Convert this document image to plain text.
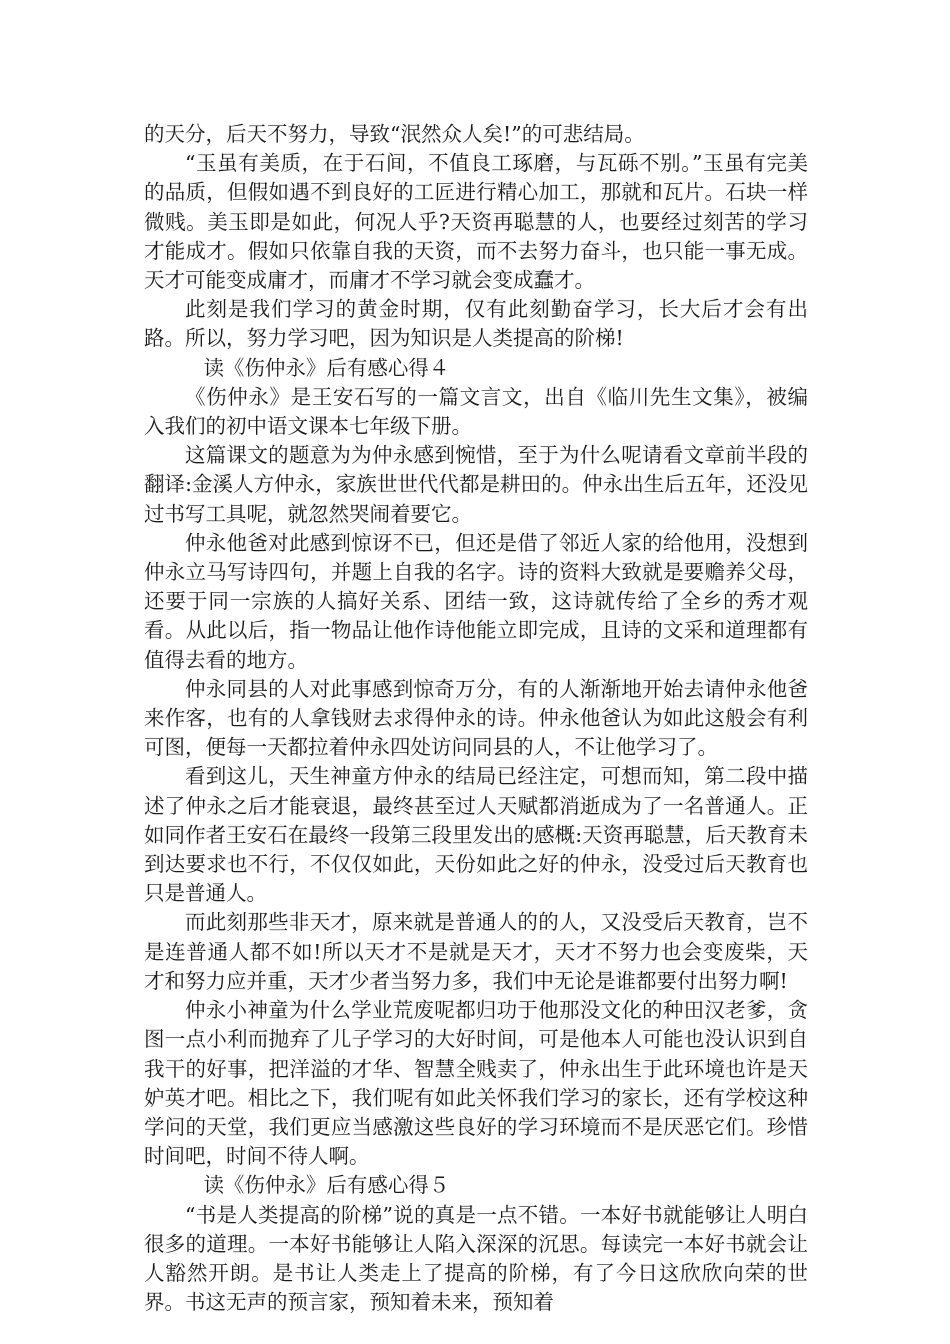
的天分，后天不努力，导致“泯然众人矣!”的可悲结局。

“玉虽有美质，在于石间，不值良工琢磨，与瓦砾不别。”玉虽有完美的品质，但假如遇不到良好的工匠进行精心加工，那就和瓦片。石块一样微贱。美玉即是如此，何况人乎?天资再聪慧的人，也要经过刻苦的学习才能成才。假如只依靠自我的天资，而不去努力奋斗，也只能一事无成。天才可能变成庸才，而庸才不学习就会变成蠢才。

此刻是我们学习的黄金时期，仅有此刻勤奋学习，长大后才会有出路。所以，努力学习吧，因为知识是人类提高的阶梯!

读《伤仲永》后有感心得４

《伤仲永》是王安石写的一篇文言文，出自《临川先生文集》，被编入我们的初中语文课本七年级下册。

这篇课文的题意为为仲永感到惋惜，至于为什么呢请看文章前半段的翻译:金溪人方仲永，家族世世代代都是耕田的。仲永出生后五年，还没见过书写工具呢，就忽然哭闹着要它。

仲永他爸对此感到惊讶不已，但还是借了邻近人家的给他用，没想到仲永立马写诗四句，并题上自我的名字。诗的资料大致就是要赡养父母，还要于同一宗族的人搞好关系、团结一致，这诗就传给了全乡的秀才观看。从此以后，指一物品让他作诗他能立即完成，且诗的文采和道理都有值得去看的地方。

仲永同县的人对此事感到惊奇万分，有的人渐渐地开始去请仲永他爸来作客，也有的人拿钱财去求得仲永的诗。仲永他爸认为如此这般会有利可图，便每一天都拉着仲永四处访问同县的人，不让他学习了。

看到这儿，天生神童方仲永的结局已经注定，可想而知，第二段中描述了仲永之后才能衰退，最终甚至过人天赋都消逝成为了一名普通人。正如同作者王安石在最终一段第三段里发出的感概:天资再聪慧，后天教育未到达要求也不行，不仅仅如此，天份如此之好的仲永，没受过后天教育也只是普通人。

而此刻那些非天才，原来就是普通人的的人，又没受后天教育，岂不是连普通人都不如!所以天才不是就是天才，天才不努力也会变废柴，天才和努力应并重，天才少者当努力多，我们中无论是谁都要付出努力啊!

仲永小神童为什么学业荒废呢都归功于他那没文化的种田汉老爹，贪图一点小利而抛弃了儿子学习的大好时间，可是他本人可能也没认识到自我干的好事，把洋溢的才华、智慧全贱卖了，仲永出生于此环境也许是天妒英才吧。相比之下，我们呢有如此关怀我们学习的家长，还有学校这种学问的天堂，我们更应当感激这些良好的学习环境而不是厌恶它们。珍惜时间吧，时间不待人啊。

读《伤仲永》后有感心得５

“书是人类提高的阶梯”说的真是一点不错。一本好书就能够让人明白很多的道理。一本好书能够让人陷入深深的沉思。每读完一本好书就会让人豁然开朗。是书让人类走上了提高的阶梯，有了今日这欣欣向荣的世界。书这无声的预言家，预知着未来，预知着
